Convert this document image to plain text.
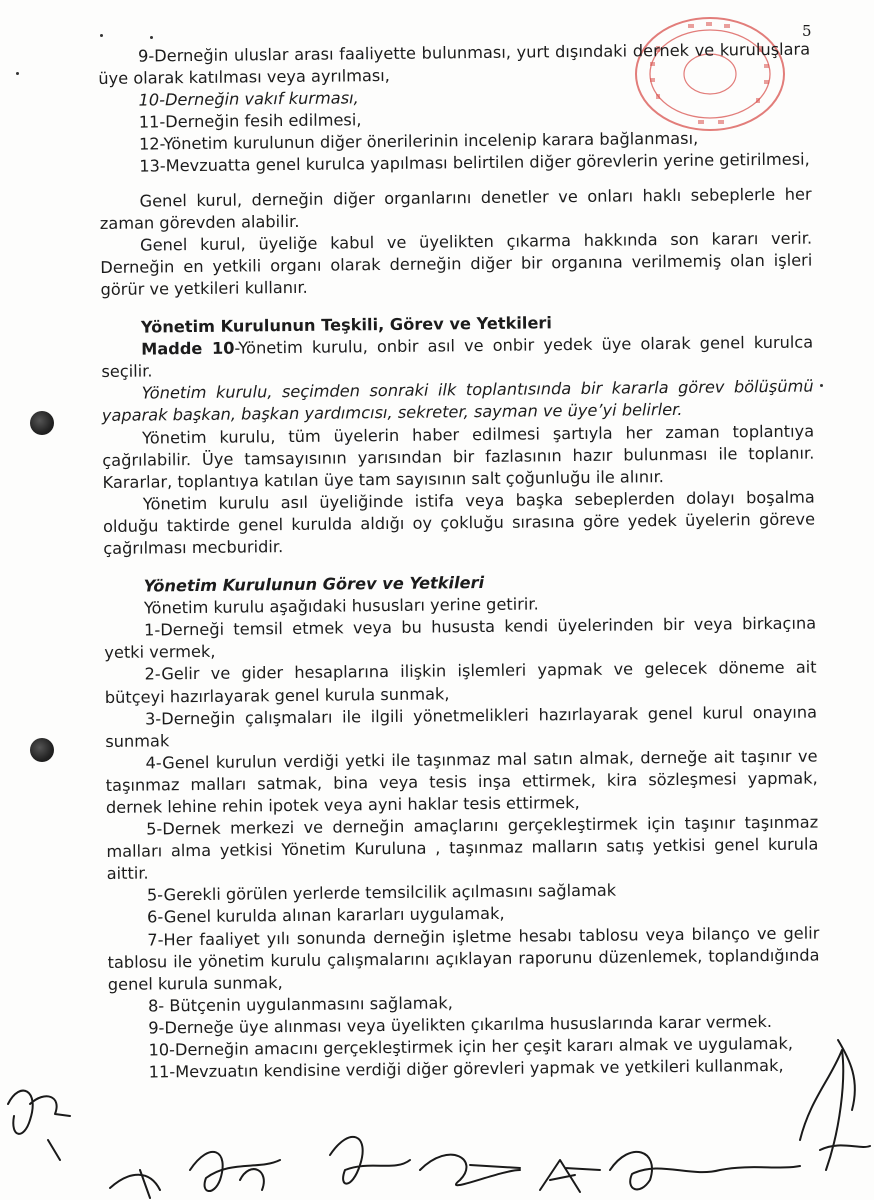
5

9-Derneğin uluslar arası faaliyette bulunması, yurt dışındaki dernek ve kuruluşlara üye olarak katılması veya ayrılması,

10-Derneğin vakıf kurması,

11-Derneğin fesih edilmesi,

12-Yönetim kurulunun diğer önerilerinin incelenip karara bağlanması,

13-Mevzuatta genel kurulca yapılması belirtilen diğer görevlerin yerine getirilmesi,

Genel kurul, derneğin diğer organlarını denetler ve onları haklı sebeplerle her zaman görevden alabilir.

Genel kurul, üyeliğe kabul ve üyelikten çıkarma hakkında son kararı verir. Derneğin en yetkili organı olarak derneğin diğer bir organına verilmemiş olan işleri görür ve yetkileri kullanır.

Yönetim Kurulunun Teşkili, Görev ve Yetkileri

Madde 10-Yönetim kurulu, onbir asıl ve onbir yedek üye olarak genel kurulca seçilir.

Yönetim kurulu, seçimden sonraki ilk toplantısında bir kararla görev bölüşümü yaparak başkan, başkan yardımcısı, sekreter, sayman ve üye’yi belirler.

Yönetim kurulu, tüm üyelerin haber edilmesi şartıyla her zaman toplantıya çağrılabilir. Üye tamsayısının yarısından bir fazlasının hazır bulunması ile toplanır. Kararlar, toplantıya katılan üye tam sayısının salt çoğunluğu ile alınır.

Yönetim kurulu asıl üyeliğinde istifa veya başka sebeplerden dolayı boşalma olduğu taktirde genel kurulda aldığı oy çokluğu sırasına göre yedek üyelerin göreve çağrılması mecburidir.

Yönetim Kurulunun Görev ve Yetkileri

Yönetim kurulu aşağıdaki hususları yerine getirir.

1-Derneği temsil etmek veya bu hususta kendi üyelerinden bir veya birkaçına yetki vermek,

2-Gelir ve gider hesaplarına ilişkin işlemleri yapmak ve gelecek döneme ait bütçeyi hazırlayarak genel kurula sunmak,

3-Derneğin çalışmaları ile ilgili yönetmelikleri hazırlayarak genel kurul onayına sunmak

4-Genel kurulun verdiği yetki ile taşınmaz mal satın almak, derneğe ait taşınır ve taşınmaz malları satmak, bina veya tesis inşa ettirmek, kira sözleşmesi yapmak, dernek lehine rehin ipotek veya ayni haklar tesis ettirmek,

5-Dernek merkezi ve derneğin amaçlarını gerçekleştirmek için taşınır taşınmaz malları alma yetkisi Yönetim Kuruluna , taşınmaz malların satış yetkisi genel kurula aittir.

5-Gerekli görülen yerlerde temsilcilik açılmasını sağlamak

6-Genel kurulda alınan kararları uygulamak,

7-Her faaliyet yılı sonunda derneğin işletme hesabı tablosu veya bilanço ve gelir tablosu ile yönetim kurulu çalışmalarını açıklayan raporunu düzenlemek, toplandığında genel kurula sunmak,

8- Bütçenin uygulanmasını sağlamak,

9-Derneğe üye alınması veya üyelikten çıkarılma hususlarında karar vermek.

10-Derneğin amacını gerçekleştirmek için her çeşit kararı almak ve uygulamak,

11-Mevzuatın kendisine verdiği diğer görevleri yapmak ve yetkileri kullanmak,
